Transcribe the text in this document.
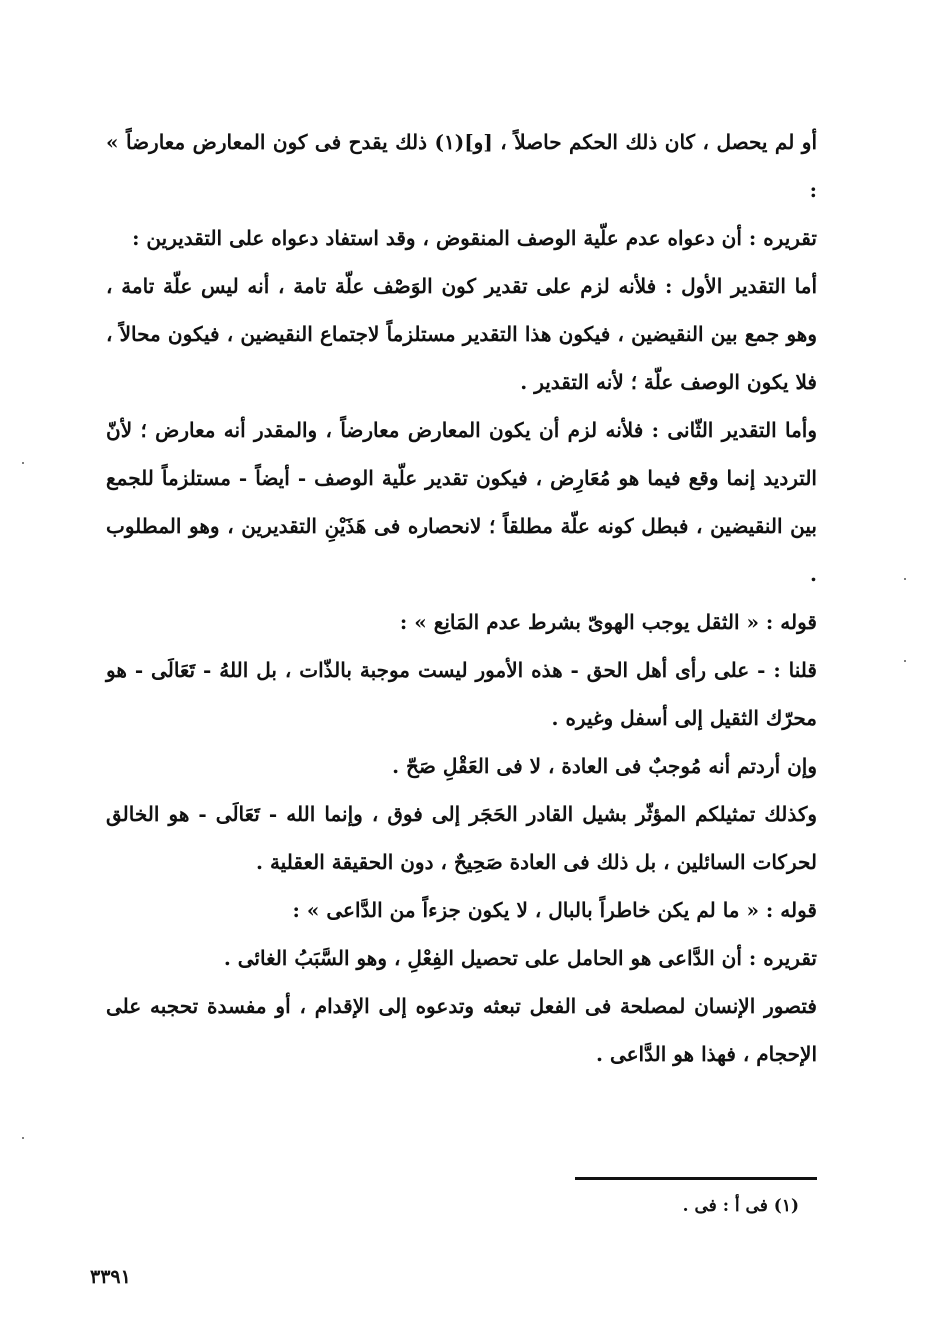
أو لم يحصل ، كان ذلك الحكم حاصلاً ، [و](١) ذلك يقدح فى كون المعارض معارضاً » :

تقريره : أن دعواه عدم علّية الوصف المنقوض ، وقد استفاد دعواه على التقديرين :

أما التقدير الأول : فلأنه لزم على تقدير كون الوَصْف علّة تامة ، أنه ليس علّة تامة ، وهو جمع بين النقيضين ، فيكون هذا التقدير مستلزماً لاجتماع النقيضين ، فيكون محالاً ، فلا يكون الوصف علّة ؛ لأنه التقدير .

وأما التقدير الثّانى : فلأنه لزم أن يكون المعارض معارضاً ، والمقدر أنه معارض ؛ لأنّ الترديد إنما وقع فيما هو مُعَارِض ، فيكون تقدير علّية الوصف - أيضاً - مستلزماً للجمع بين النقيضين ، فبطل كونه علّة مطلقاً ؛ لانحصاره فى هَذَيْنِ التقديرين ، وهو المطلوب .

قوله : « الثقل يوجب الهوىّ بشرط عدم المَانِع » :

قلنا : - على رأى أهل الحق - هذه الأمور ليست موجبة بالذّات ، بل اللهُ - تَعَالَى - هو محرّك الثقيل إلى أسفل وغيره .

وإن أردتم أنه مُوجبٌ فى العادة ، لا فى العَقْلِ صَحّ .

وكذلك تمثيلكم المؤثّر بشيل القادر الحَجَر إلى فوق ، وإنما الله - تَعَالَى - هو الخالق لحركات السائلين ، بل ذلك فى العادة صَحِيحٌ ، دون الحقيقة العقلية .

قوله : « ما لم يكن خاطراً بالبال ، لا يكون جزءاً من الدَّاعى » :

تقريره : أن الدَّاعى هو الحامل على تحصيل الفِعْلِ ، وهو السَّبَبُ الغائى .

فتصور الإنسان لمصلحة فى الفعل تبعثه وتدعوه إلى الإقدام ، أو مفسدة تحجبه على الإحجام ، فهذا هو الدَّاعى .

(١) فى أ : فى .
٣٣٩١
